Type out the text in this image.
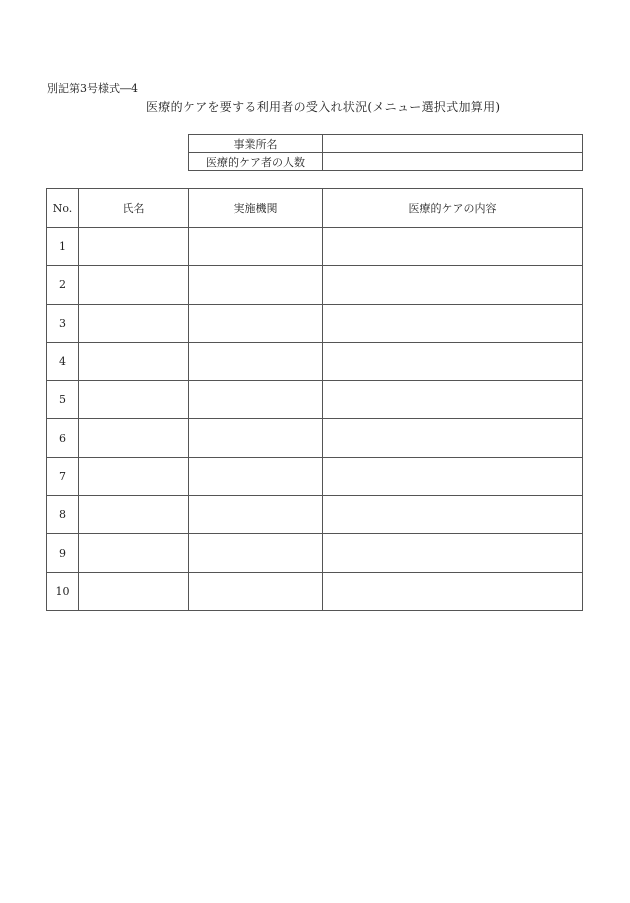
別記第3号様式―4
医療的ケアを要する利用者の受入れ状況(メニュー選択式加算用)
事業所名	
医療的ケア者の人数	
No.	氏名	実施機関	医療的ケアの内容
1			
2			
3			
4			
5			
6			
7			
8			
9			
10			
